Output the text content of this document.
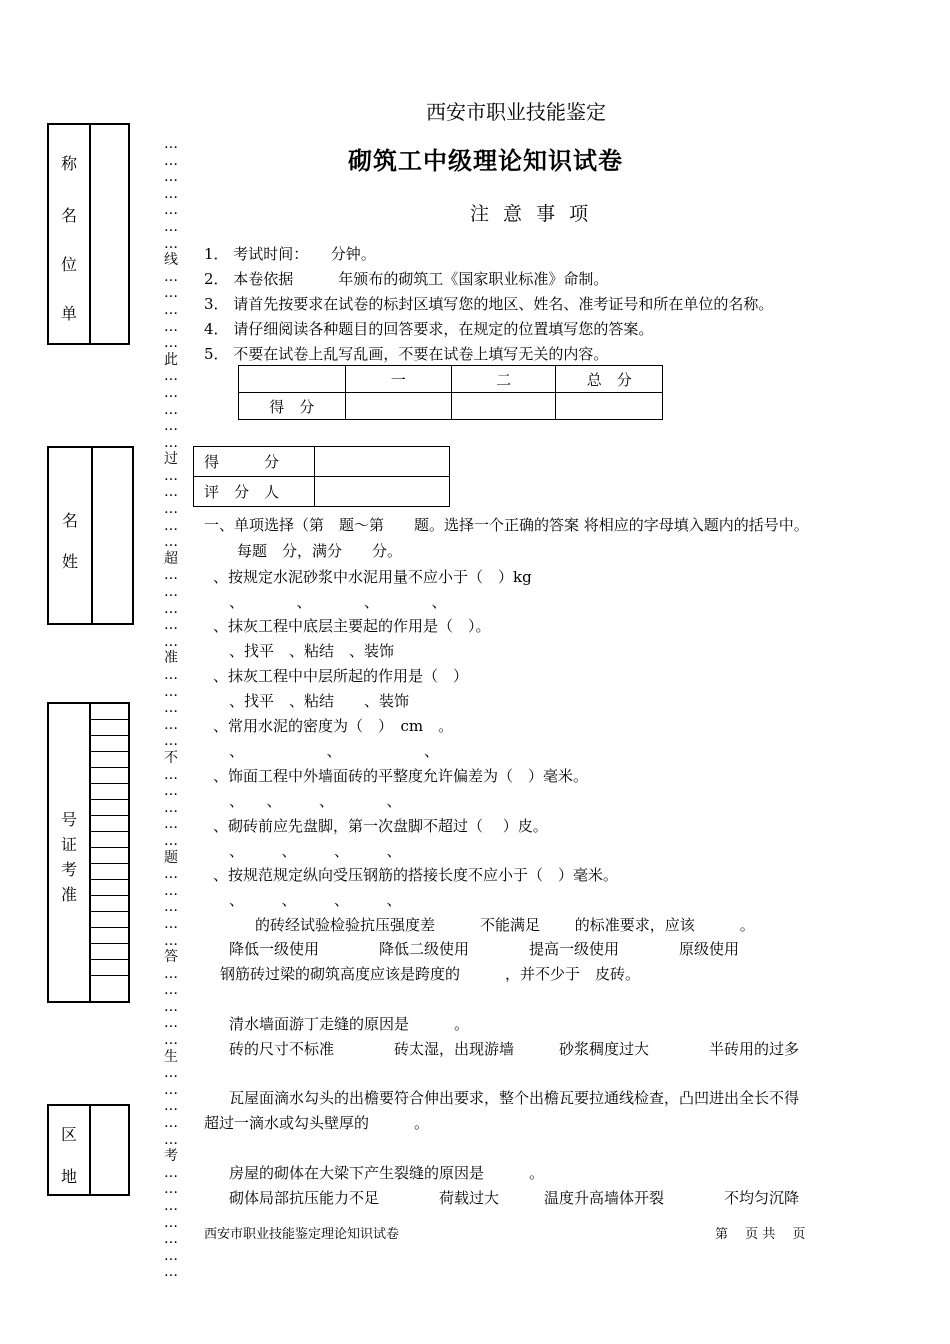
西安市职业技能鉴定
砌筑工中级理论知识试卷
注 意 事 项
1． 考试时间：　　分钟。
2． 本卷依据　　　年颁布的砌筑工《国家职业标准》命制。
3． 请首先按要求在试卷的标封区填写您的地区、姓名、准考证号和所在单位的名称。
4． 请仔细阅读各种题目的回答要求，在规定的位置填写您的答案。
5． 不要在试卷上乱写乱画，不要在试卷上填写无关的内容。
	一	二	总　分
得　分			
得　　　分	
评　分　人	
一、单项选择（第　题～第　　题。选择一个正确的答案 将相应的字母填入题内的括号中。
每题　分，满分　　分。
、按规定水泥砂浆中水泥用量不应小于（　）kg
、　　　　、　　　　、　　　　、
、抹灰工程中底层主要起的作用是（　）。
、找平　、粘结　、装饰
、抹灰工程中中层所起的作用是（　）
、找平　、粘结　　、装饰
、常用水泥的密度为（　）　cm　。
、　　　　　　、　　　　　　、
、饰面工程中外墙面砖的平整度允许偏差为（　）毫米。
、　　、　　　、　　　　、
、砌砖前应先盘脚，第一次盘脚不超过（　 ）皮。
、　　　、　　　、　　　、
、按规范规定纵向受压钢筋的搭接长度不应小于（　）毫米。
、　　　、　　　、　　　、
的砖经试验检验抗压强度差　　　不能满足　　 的标准要求，应该　　　。
降低一级使用　　　　降低二级使用　　　　提高一级使用　　　　原级使用
钢筋砖过梁的砌筑高度应该是跨度的　　　，并不少于　皮砖。
清水墙面游丁走缝的原因是　　　。
砖的尺寸不标准　　　　砖太湿，出现游墙　　　砂浆稠度过大　　　　半砖用的过多
瓦屋面滴水勾头的出檐要符合伸出要求，整个出檐瓦要拉通线检查，凸凹进出全长不得
超过一滴水或勾头壁厚的　　　。
房屋的砌体在大梁下产生裂缝的原因是　　　。
砌体局部抗压能力不足　　　　荷载过大　　　温度升高墙体开裂　　　　不均匀沉降
西安市职业技能鉴定理论知识试卷	第　 页 共　 页
称
名
位
单
名
姓
号
证
考
准
区
地
…
…
…
…
…
…
…
线
…
…
…
…
…
此
…
…
…
…
…
过
…
…
…
…
…
超
…
…
…
…
…
准
…
…
…
…
…
不
…
…
…
…
…
题
…
…
…
…
…
答
…
…
…
…
…
生
…
…
…
…
…
考
…
…
…
…
…
…
…
